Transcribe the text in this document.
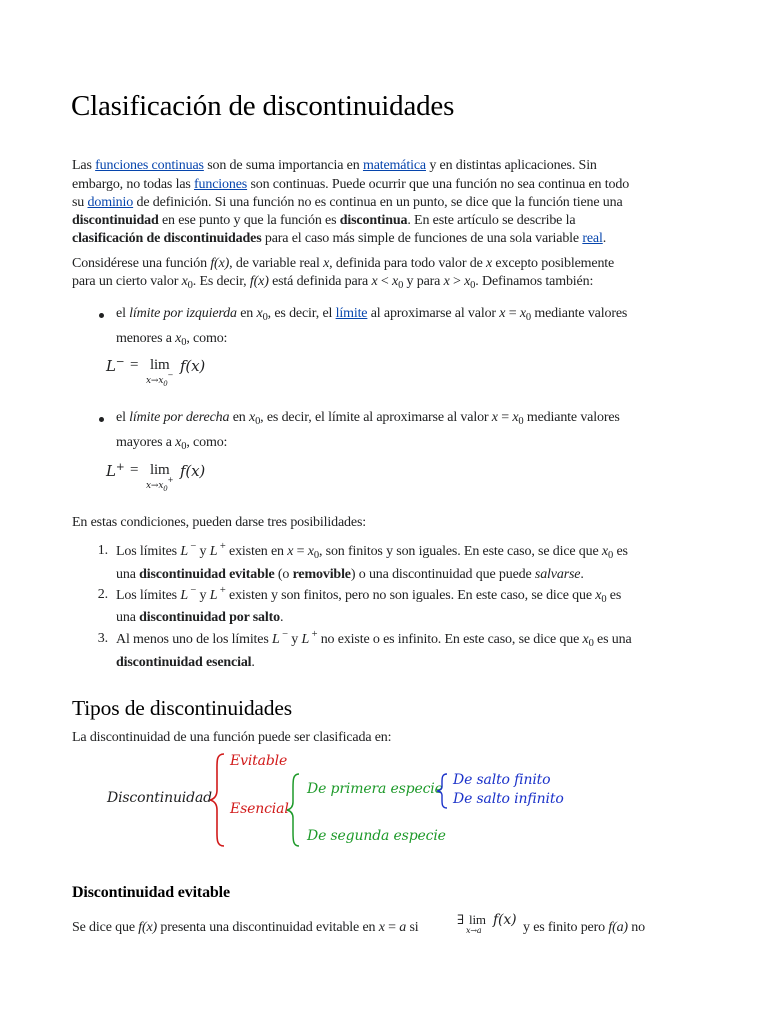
Clasificación de discontinuidades
Las funciones continuas son de suma importancia en matemática y en distintas aplicaciones. Sin
embargo, no todas las funciones son continuas. Puede ocurrir que una función no sea continua en todo
su dominio de definición. Si una función no es continua en un punto, se dice que la función tiene una
discontinuidad en ese punto y que la función es discontinua. En este artículo se describe la
clasificación de discontinuidades para el caso más simple de funciones de una sola variable real.
Considérese una función f(x), de variable real x, definida para todo valor de x excepto posiblemente
para un cierto valor $x_0$. Es decir, f(x) está definida para $x < x_0$ y para $x > x_0$. Definamos también:
el límite por izquierda en $x_0$, es decir, el límite al aproximarse al valor $x = x_0$ mediante valores
menores a $x_0$, como:
L− = lim
$x\to x_0^-$ f(x)
el límite por derecha en $x_0$, es decir, el límite al aproximarse al valor $x = x_0$ mediante valores
mayores a $x_0$, como:
L+ = lim
$x\to x_0^+$ f(x)
En estas condiciones, pueden darse tres posibilidades:
1. Los límites L − y L + existen en $x = x_0$, son finitos y son iguales. En este caso, se dice que $x_0$ es
una discontinuidad evitable (o removible) o una discontinuidad que puede salvarse.
2. Los límites L − y L + existen y son finitos, pero no son iguales. En este caso, se dice que $x_0$ es
una discontinuidad por salto.
3. Al menos uno de los límites L − y L + no existe o es infinito. En este caso, se dice que $x_0$ es una
discontinuidad esencial.
Tipos de discontinuidades
La discontinuidad de una función puede ser clasificada en:
Discontinuidad
Evitable
Esencial
De primera especie
De segunda especie
De salto finito
De salto infinito
Discontinuidad evitable
Se dice que f(x) presenta una discontinuidad evitable en x = a si
∃ lim
x→a
f(x) y es finito pero f(a) no
